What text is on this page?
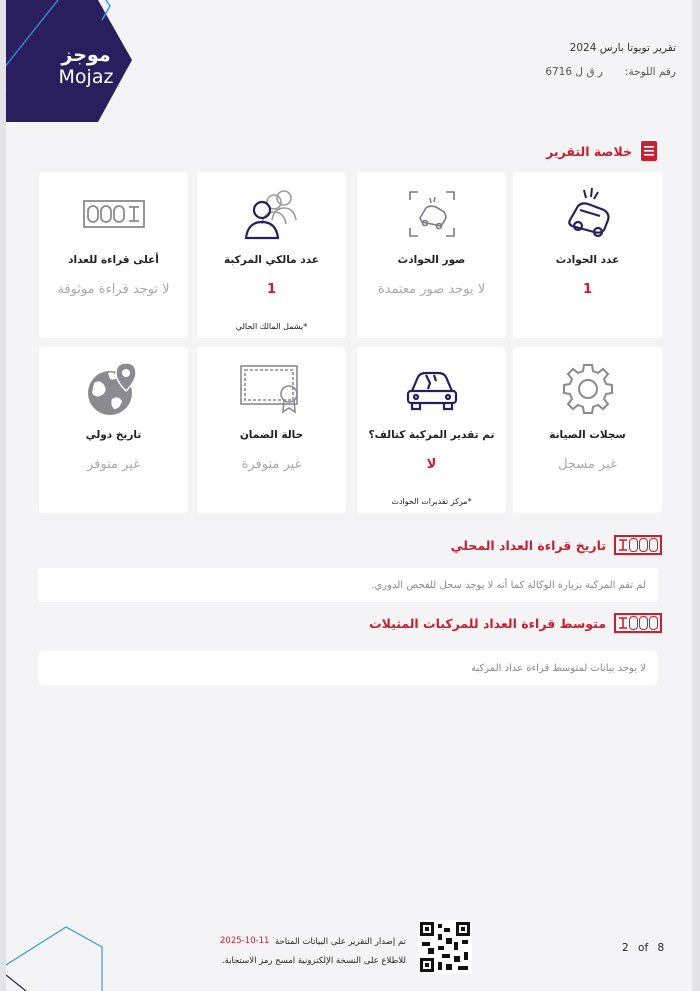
موجز
Mojaz
تقرير تويوتا بارس 2024
رقم اللوحة:ر ق ل 6716
خلاصة التقرير
عدد الحوادث
1
صور الحوادث
لا يوجد صور معتمدة
عدد مالكي المركبة
1
*يشمل المالك الحالي
أعلى قراءة للعداد
لا توجد قراءة موثوقة
سجلات الصيانة
غير مسجل
تم تقدير المركبة كتالف؟
لا
*مركز تقديرات الحوادث
حالة الضمان
غير متوفرة
تاريخ دولي
غير متوفر
تاريخ قراءة العداد المحلي
لم تقم المركبة بزيارة الوكالة كما أنه لا يوجد سجل للفحص الدوري.
متوسط قراءة العداد للمركبات المثيلات
لا يوجد بيانات لمتوسط قراءة عداد المركبة
تم إصدار التقرير على البيانات المتاحة
2025-10-11
للاطلاع على النسخة الإلكترونية امسح رمز الاستجابة.
2 of 8
